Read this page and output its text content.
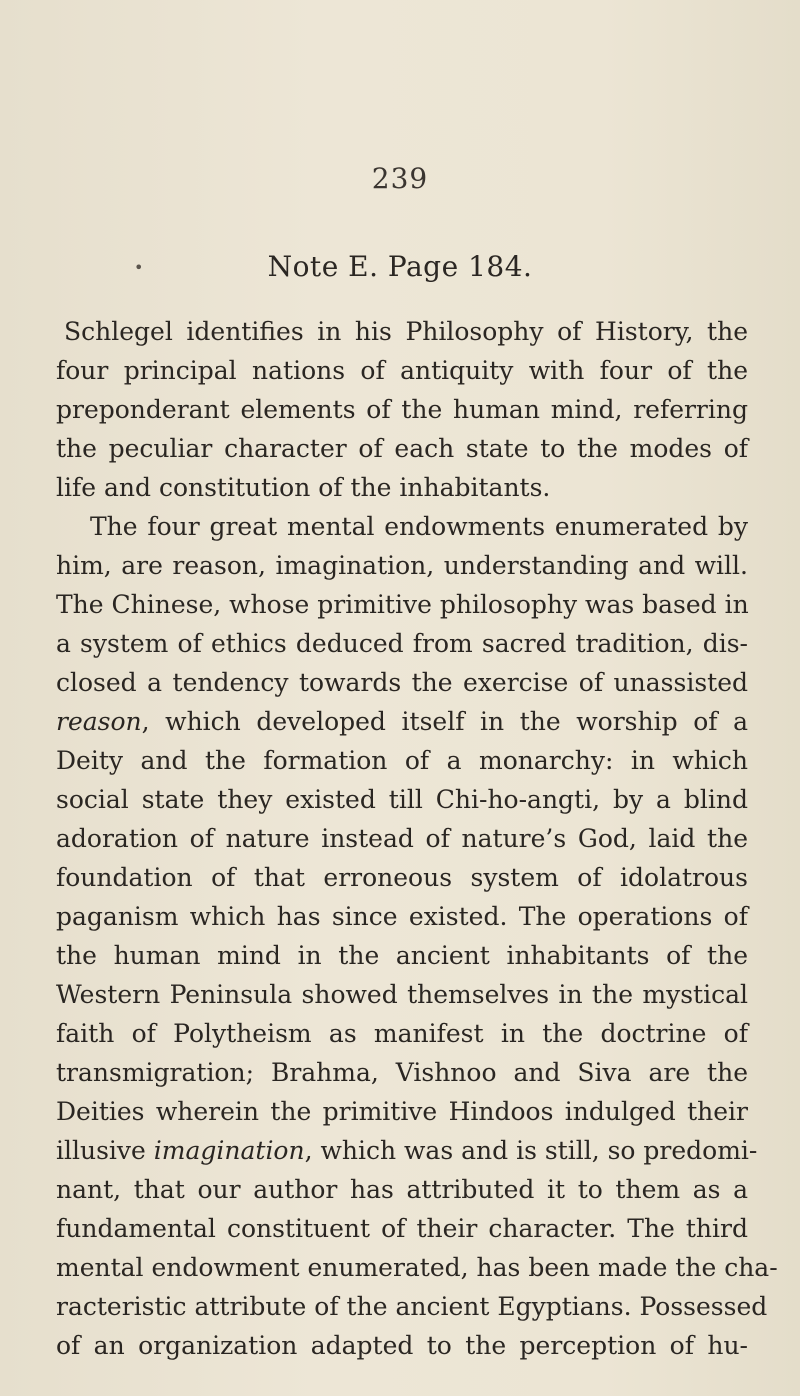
239
•	Note E. Page 184.
Schlegel identifies in his Philosophy of History, the
four principal nations of antiquity with four of the
preponderant elements of the human mind, referring
the peculiar character of each state to the modes of
life and constitution of the inhabitants.
The four great mental endowments enumerated by
him, are reason, imagination, understanding and will.
The Chinese, whose primitive philosophy was based in
a system of ethics deduced from sacred tradition, dis-
closed a tendency towards the exercise of unassisted
reason, which developed itself in the worship of a
Deity and the formation of a monarchy: in which
social state they existed till Chi-ho-angti, by a blind
adoration of nature instead of nature’s God, laid the
foundation of that erroneous system of idolatrous
paganism which has since existed. The operations of
the human mind in the ancient inhabitants of the
Western Peninsula showed themselves in the mystical
faith of Polytheism as manifest in the doctrine of
transmigration; Brahma, Vishnoo and Siva are the
Deities wherein the primitive Hindoos indulged their
illusive imagination, which was and is still, so predomi-
nant, that our author has attributed it to them as a
fundamental constituent of their character. The third
mental endowment enumerated, has been made the cha-
racteristic attribute of the ancient Egyptians. Possessed
of an organization adapted to the perception of hu-
